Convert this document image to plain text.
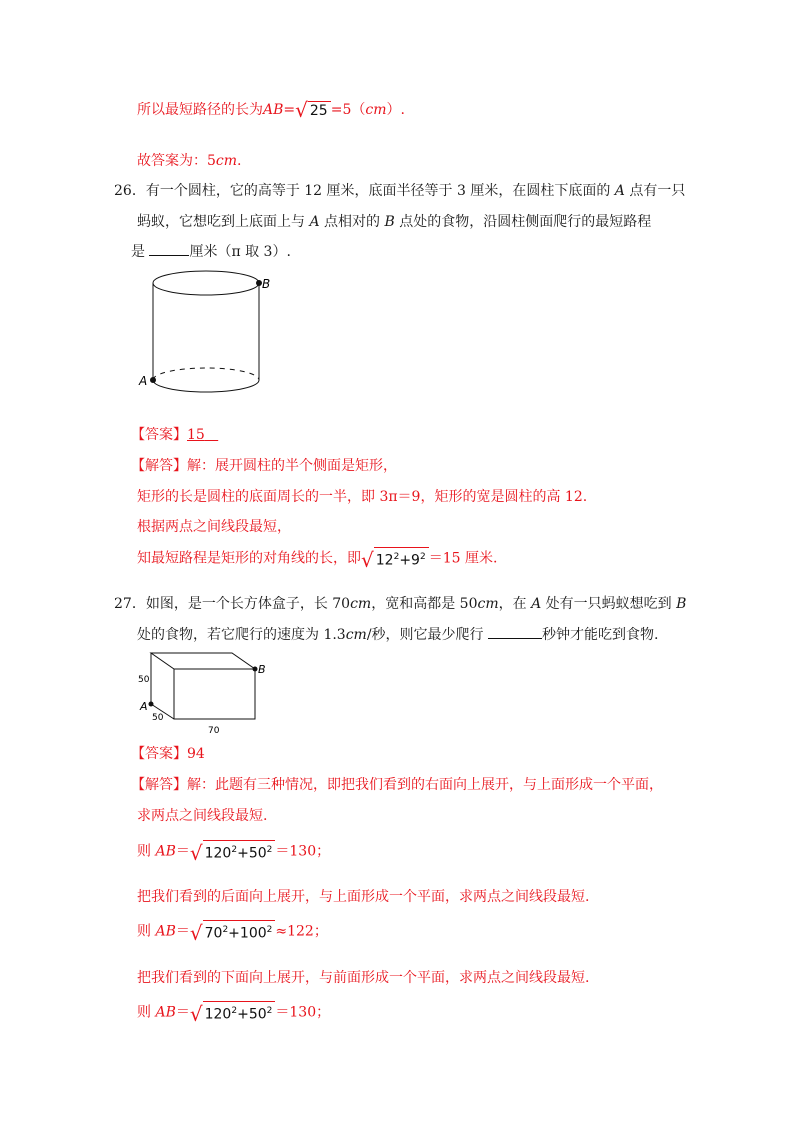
所以最短路径的长为AB= √ 25 =5（cm）.
故答案为：5cm.
26．有一个圆柱，它的高等于 12 厘米，底面半径等于 3 厘米，在圆柱下底面的 A 点有一只
蚂蚁，它想吃到上底面上与 A 点相对的 B 点处的食物，沿圆柱侧面爬行的最短路程
是	厘米（π 取 3）.
A
B
【答案】15
【解答】解：展开圆柱的半个侧面是矩形，
矩形的长是圆柱的底面周长的一半，即 3π＝9，矩形的宽是圆柱的高 12.
根据两点之间线段最短，
知最短路程是矩形的对角线的长，即 √ $12^2+9^2 =15$ 厘米.
27．如图，是一个长方体盒子，长 70cm，宽和高都是 50cm，在 A 处有一只蚂蚁想吃到 B
处的食物，若它爬行的速度为 1.3cm/秒，则它最少爬行	秒钟才能吃到食物.
A
B
50
50
70
【答案】94
【解答】解：此题有三种情况，即把我们看到的右面向上展开，与上面形成一个平面，
求两点之间线段最短.
则 AB＝ √ $120^2+50^2 =130$；
把我们看到的后面向上展开，与上面形成一个平面，求两点之间线段最短.
则 AB＝ √ $70^2+100^2 \approx 122$；
把我们看到的下面向上展开，与前面形成一个平面，求两点之间线段最短.
则 AB＝ √ $120^2+50^2 =130$；
